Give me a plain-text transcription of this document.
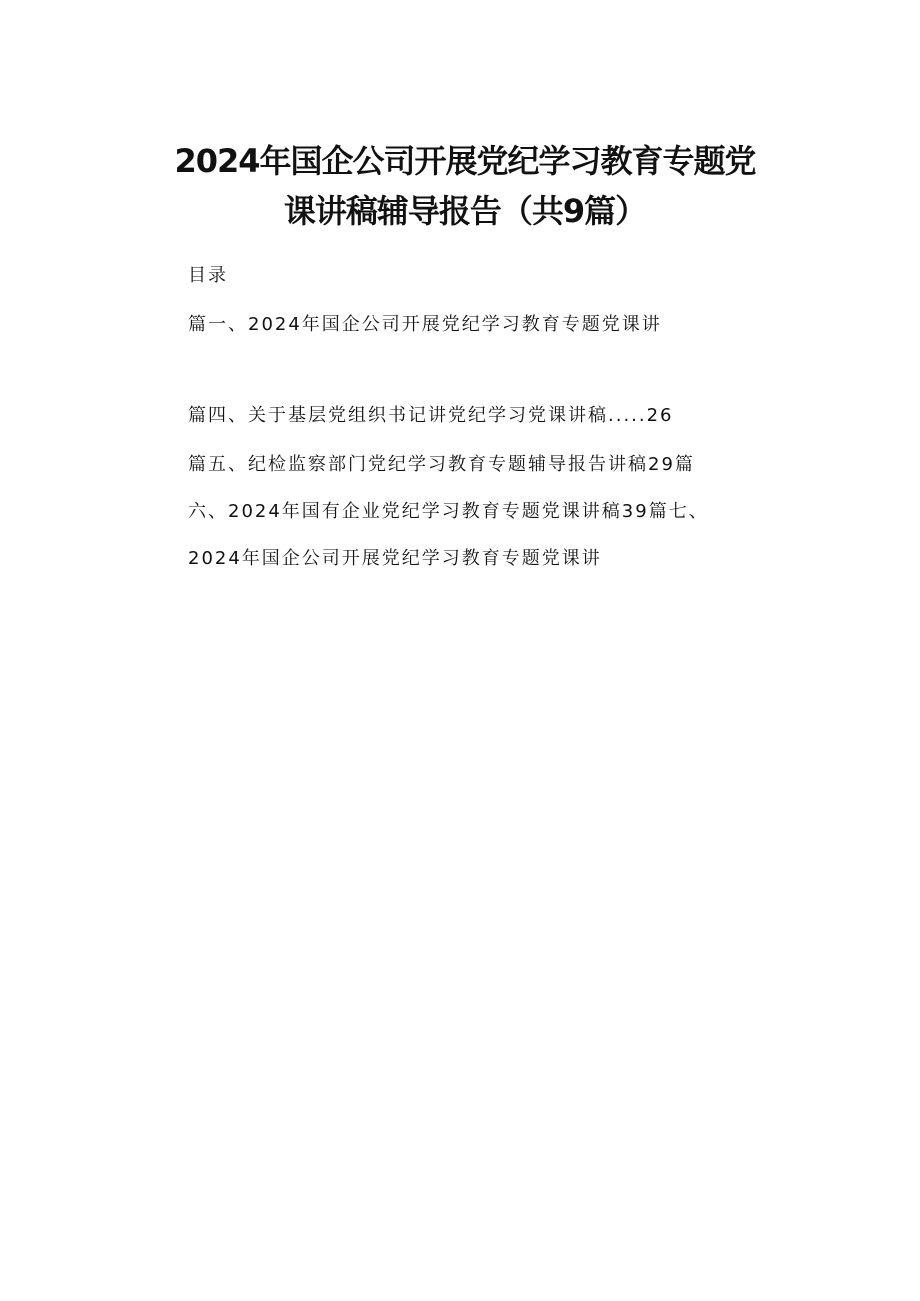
2024年国企公司开展党纪学习教育专题党
课讲稿辅导报告（共9篇）
目录
篇一、2024年国企公司开展党纪学习教育专题党课讲
篇四、关于基层党组织书记讲党纪学习党课讲稿.....26
篇五、纪检监察部门党纪学习教育专题辅导报告讲稿29篇
六、2024年国有企业党纪学习教育专题党课讲稿39篇七、
2024年国企公司开展党纪学习教育专题党课讲
